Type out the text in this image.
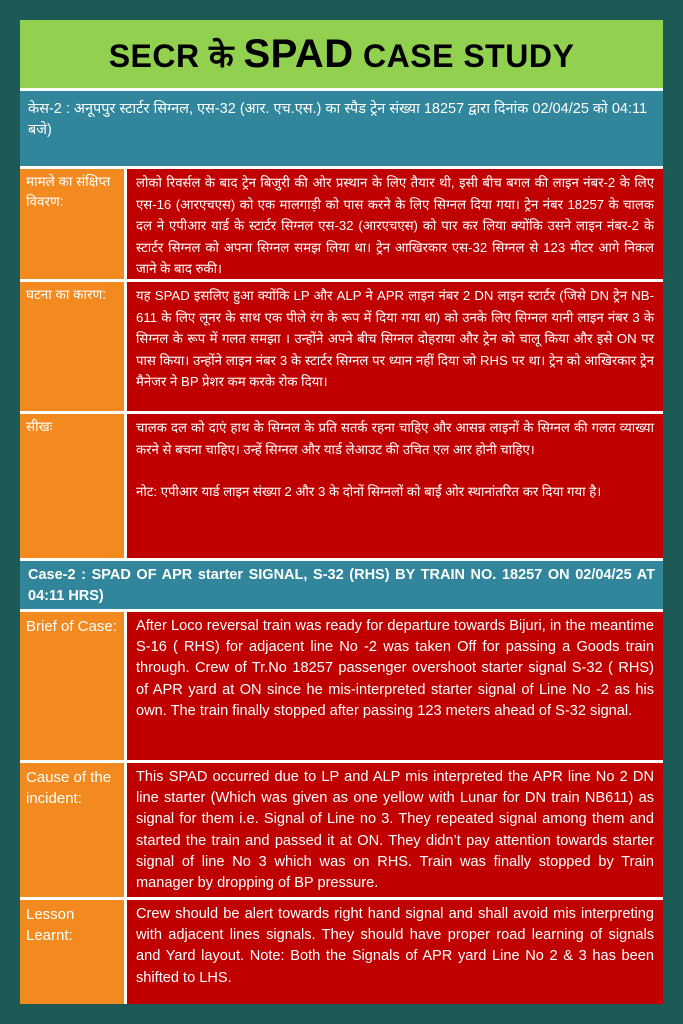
SECR के SPAD CASE STUDY
केस-2 : अनूपपुर स्टार्टर सिग्नल, एस-32 (आर. एच.एस.) का स्पैड ट्रेन संख्या 18257 द्वारा दिनांक 02/04/25 को 04:11 बजे)
मामले का संक्षिप्त विवरण:
लोको रिवर्सल के बाद ट्रेन बिजुरी की ओर प्रस्थान के लिए तैयार थी, इसी बीच बगल की लाइन नंबर-2 के लिए एस-16 (आरएचएस) को एक मालगाड़ी को पास करने के लिए सिग्नल दिया गया। ट्रेन नंबर 18257 के चालक दल ने एपीआर यार्ड के स्टार्टर सिग्नल एस-32 (आरएचएस) को पार कर लिया क्योंकि उसने लाइन नंबर-2 के स्टार्टर सिग्नल को अपना सिग्नल समझ लिया था। ट्रेन आखिरकार एस-32 सिग्नल से 123 मीटर आगे निकल जाने के बाद रुकी।
घटना का कारण:	यह SPAD इसलिए हुआ क्योंकि LP और ALP ने APR लाइन नंबर 2 DN लाइन स्टार्टर (जिसे DN ट्रेन NB-611 के लिए लूनर के साथ एक पीले रंग के रूप में दिया गया था) को उनके लिए सिग्नल यानी लाइन नंबर 3 के सिग्नल के रूप में गलत समझा । उन्होंने अपने बीच सिग्नल दोहराया और ट्रेन को चालू किया और इसे ON पर पास किया। उन्होंने लाइन नंबर 3 के स्टार्टर सिग्नल पर ध्यान नहीं दिया जो RHS पर था। ट्रेन को आखिरकार ट्रेन मैनेजर ने BP प्रेशर कम करके रोक दिया।
सीखः	चालक दल को दाएं हाथ के सिग्नल के प्रति सतर्क रहना चाहिए और आसन्न लाइनों के सिग्नल की गलत व्याख्या करने से बचना चाहिए। उन्हें सिग्नल और यार्ड लेआउट की उचित एल आर होनी चाहिए।
नोट: एपीआर यार्ड लाइन संख्या 2 और 3 के दोनों सिग्नलों को बाईं ओर स्थानांतरित कर दिया गया है।
Case-2 : SPAD OF APR starter SIGNAL, S-32 (RHS) BY TRAIN NO. 18257 ON 02/04/25 AT 04:11 HRS)
Brief of Case:	After Loco reversal train was ready for departure towards Bijuri, in the meantime S-16 ( RHS) for adjacent line No -2 was taken Off for passing a Goods train through. Crew of Tr.No 18257 passenger overshoot starter signal S-32 ( RHS) of APR yard at ON since he mis-interpreted starter signal of Line No -2 as his own. The train finally stopped after passing 123 meters ahead of S-32 signal.
Cause of the incident:
This SPAD occurred due to LP and ALP mis interpreted the APR line No 2 DN line starter (Which was given as one yellow with Lunar for DN train NB611) as signal for them i.e. Signal of Line no 3. They repeated signal among them and started the train and passed it at ON. They didn’t pay attention towards starter signal of line No 3 which was on RHS. Train was finally stopped by Train manager by dropping of BP pressure.
Lesson Learnt:
Crew should be alert towards right hand signal and shall avoid mis interpreting with adjacent lines signals. They should have proper road learning of signals and Yard layout. Note: Both the Signals of APR yard Line No 2 & 3 has been shifted to LHS.
